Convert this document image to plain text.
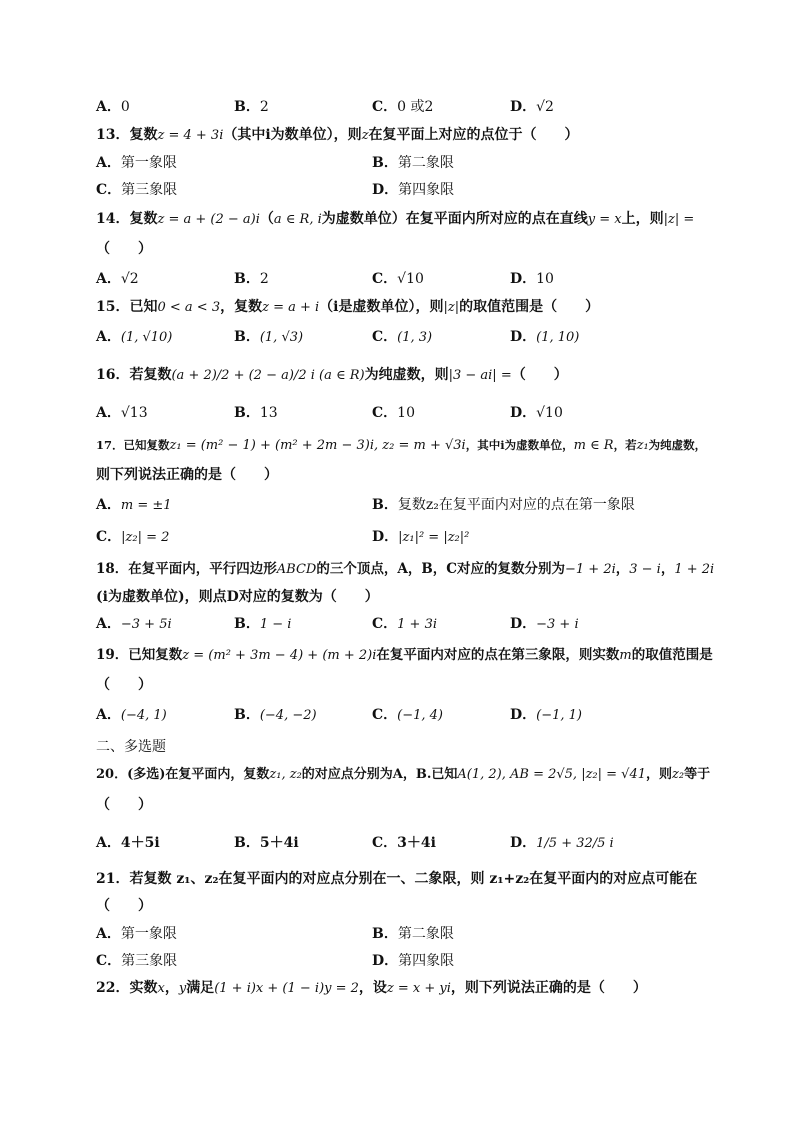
A．0	B．2	C．0 或2	D．√2
13．复数z = 4 + 3i（其中i为数单位），则z在复平面上对应的点位于（　　）
A．第一象限	B．第二象限
C．第三象限	D．第四象限
14．复数z = a + (2 − a)i（a ∈ R, i为虚数单位）在复平面内所对应的点在直线y = x上，则|z| =
（　　）
A．√2	B．2	C．√10	D．10
15．已知0 < a < 3，复数z = a + i（i是虚数单位），则|z|的取值范围是（　　）
A．(1, √10)	B．(1, √3)	C．(1, 3)	D．(1, 10)
16．若复数(a + 2)/2 + (2 − a)/2 i (a ∈ R)为纯虚数，则|3 − ai| =（　　）
A．√13	B．13	C．10	D．√10
17．已知复数z₁ = (m² − 1) + (m² + 2m − 3)i, z₂ = m + √3i，其中i为虚数单位，m ∈ R，若z₁为纯虚数，
则下列说法正确的是（　　）
A．m = ±1	B．复数z₂在复平面内对应的点在第一象限
C．|z₂| = 2	D．|z₁|² = |z₂|²
18．在复平面内，平行四边形ABCD的三个顶点，A，B，C对应的复数分别为−1 + 2i，3 − i，1 + 2i
(i为虚数单位)，则点D对应的复数为（　　）
A．−3 + 5i	B．1 − i	C．1 + 3i	D．−3 + i
19．已知复数z = (m² + 3m − 4) + (m + 2)i在复平面内对应的点在第三象限，则实数m的取值范围是
（　　）
A．(−4, 1)	B．(−4, −2)	C．(−1, 4)	D．(−1, 1)
二、多选题
20．(多选)在复平面内，复数z₁, z₂的对应点分别为A，B.已知A(1, 2), AB = 2√5, |z₂| = √41，则z₂等于
（　　）
A．4＋5i	B．5＋4i	C．3＋4i	D．1/5 + 32/5 i
21．若复数 z₁、z₂在复平面内的对应点分别在一、二象限，则 z₁+z₂在复平面内的对应点可能在
（　　）
A．第一象限	B．第二象限
C．第三象限	D．第四象限
22．实数x，y满足(1 + i)x + (1 − i)y = 2，设z = x + yi，则下列说法正确的是（　　）
